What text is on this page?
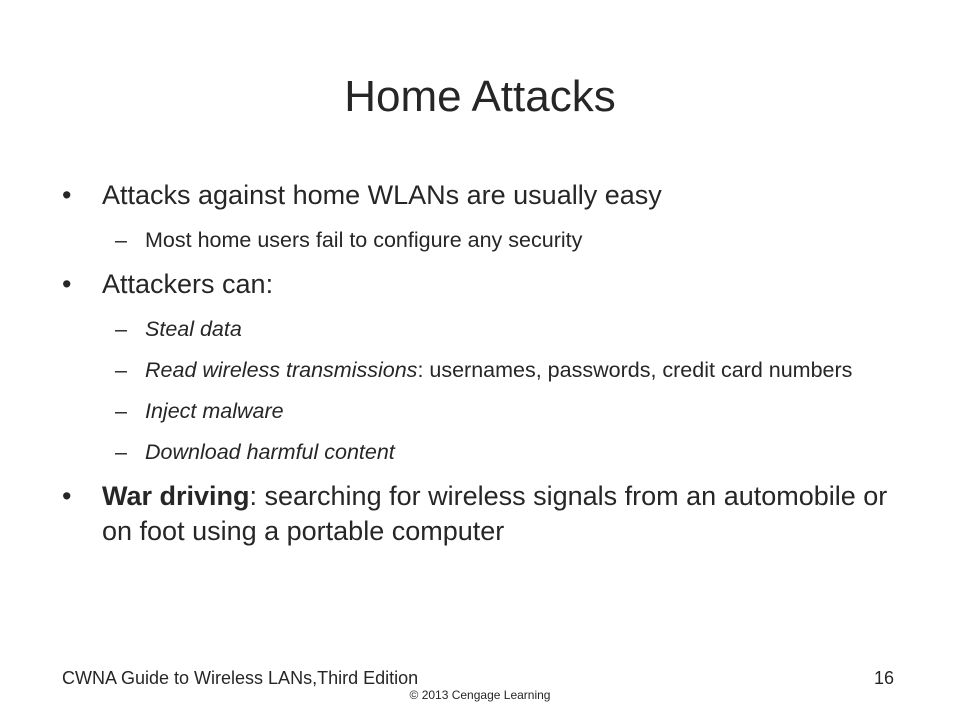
Home Attacks
• Attacks against home WLANs are usually easy
– Most home users fail to configure any security
• Attackers can:
– Steal data
– Read wireless transmissions: usernames, passwords, credit card numbers
– Inject malware
– Download harmful content
• War driving: searching for wireless signals from an automobile or on foot using a portable computer
CWNA Guide to Wireless LANs,Third Edition	16
© 2013 Cengage Learning
